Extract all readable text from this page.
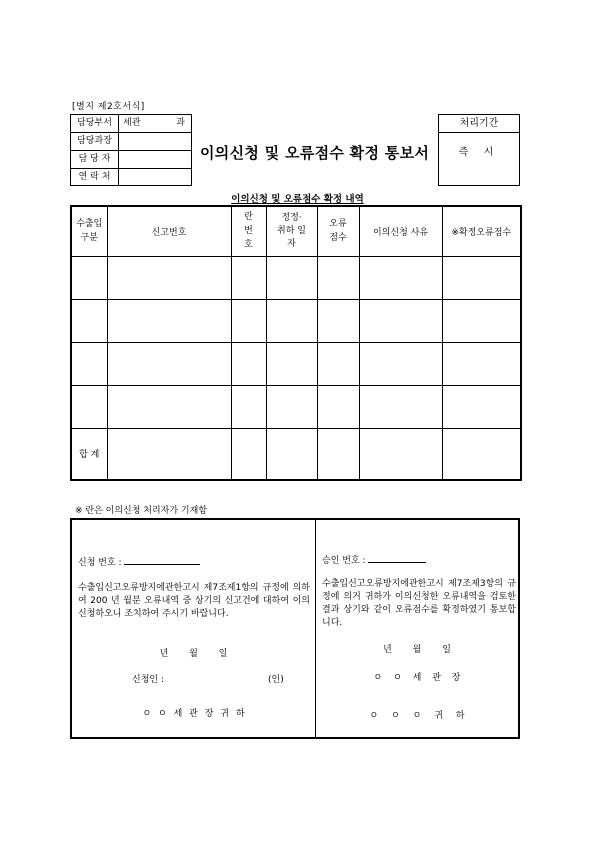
[별지 제2호서식]
담당부서	세관	과
담당과장
담 당 자
연 락 처
이의신청 및 오류점수 확정 통보서
처리기간
즉 시
이의신청 및 오류점수 확정 내역
수출입 구분	신고번호	란 번호	정정· 취하 일자	오류 점수	이의신청 사유	※확정오류점수

합 계						
※ 란은 이의신청 처리자가 기재함
신청 번호 :
수출입신고오류방지에관한고시 제7조제1항의 규정에 의하여 200 년 월분 오류내역 중 상기의 신고건에 대하여 이의신청하오니 조치하여 주시기 바랍니다.
년 월 일
신청인 :	(인)
ㅇ ㅇ 세 관 장 귀 하
승인 번호 :
수출입신고오류방지에관한고시 제7조제3항의 규정에 의거 귀하가 이의신청한 오류내역을 검토한 결과 상기와 같이 오류점수를 확정하였기 통보합니다.
년 월 일
ㅇ ㅇ 세 관 장
ㅇ ㅇ ㅇ 귀 하
